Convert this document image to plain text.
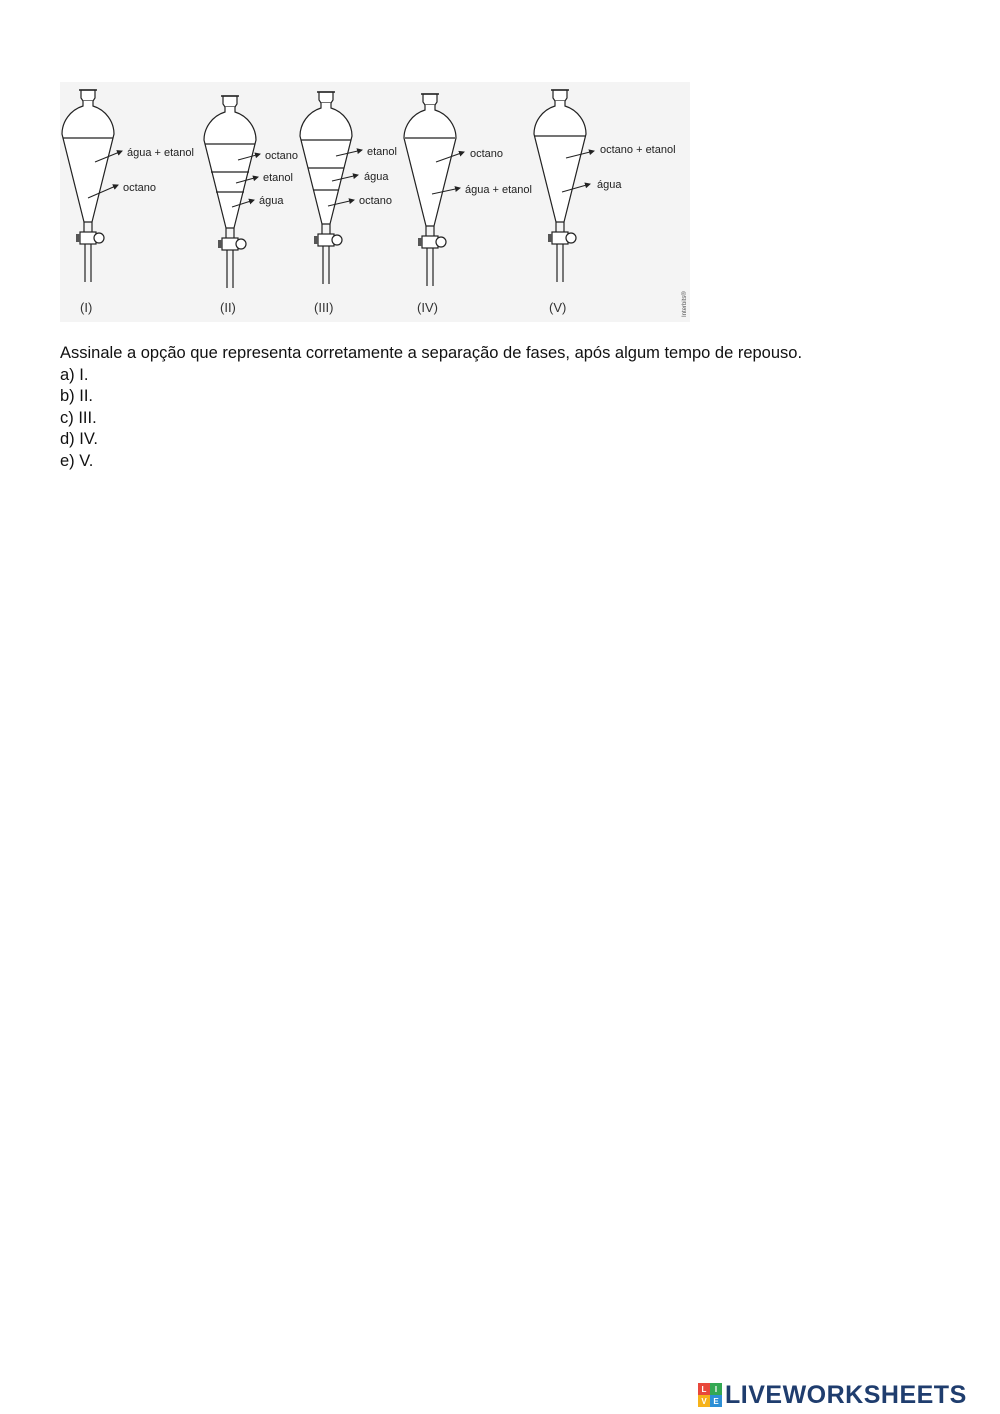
água + etanol
octano
(I)
octano
etanol
água
(II)
etanol
água
octano
(III)
octano
água + etanol
(IV)
octano + etanol
água
(V)	Interbits®

Assinale a opção que representa corretamente a separação de fases, após algum tempo de repouso.

a) I.

b) II.

c) III.

d) IV.

e) V.

L	I
V E LIVEWORKSHEETS
